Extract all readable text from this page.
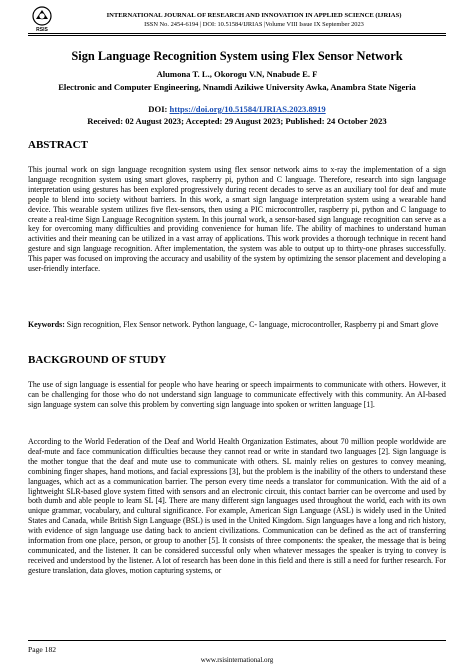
RSIS
INTERNATIONAL JOURNAL OF RESEARCH AND INNOVATION IN APPLIED SCIENCE (IJRIAS)
ISSN No. 2454-6194 | DOI: 10.51584/IJRIAS |Volume VIII Issue IX September 2023
Sign Language Recognition System using Flex Sensor Network
Alumona T. L., Okorogu V.N, Nnabude E. F
Electronic and Computer Engineering, Nnamdi Azikiwe University Awka, Anambra State Nigeria
DOI: https://doi.org/10.51584/IJRIAS.2023.8919
Received: 02 August 2023; Accepted: 29 August 2023; Published: 24 October 2023
ABSTRACT

This journal work on sign language recognition system using flex sensor network aims to x-ray the implementation of a sign language recognition system using smart gloves, raspberry pi, python and C language. Therefore, research into sign language interpretation using gestures has been explored progressively during recent decades to serve as an auxiliary tool for deaf and mute people to blend into society without barriers. In this work, a smart sign language interpretation system using a wearable hand device. This wearable system utilizes five flex-sensors, then using a PIC microcontroller, raspberry pi, python and C language to create a real-time Sign Language Recognition system. In this journal work, a sensor-based sign language recognition can serve as a key for overcoming many difficulties and providing convenience for human life. The ability of machines to understand human activities and their meaning can be utilized in a vast array of applications. This work provides a thorough technique in recent hand gesture and sign language recognition. After implementation, the system was able to output up to thirty-one phrases successfully. This paper was focused on improving the accuracy and usability of the system by optimizing the sensor placement and developing a user-friendly interface.

Keywords: Sign recognition, Flex Sensor network. Python language, C- language, microcontroller, Raspberry pi and Smart glove

BACKGROUND OF STUDY

The use of sign language is essential for people who have hearing or speech impairments to communicate with others. However, it can be challenging for those who do not understand sign language to communicate effectively with this community. An AI-based sign language system can solve this problem by converting sign language into spoken or written language [1].

According to the World Federation of the Deaf and World Health Organization Estimates, about 70 million people worldwide are deaf-mute and face communication difficulties because they cannot read or write in standard two languages [2]. Sign language is the mother tongue that the deaf and mute use to communicate with others. SL mainly relies on gestures to convey meaning, combining finger shapes, hand motions, and facial expressions [3], but the problem is the inability of the others to understand these languages, which act as a communication barrier. The person every time needs a translator for communication. With the aid of a lightweight SLR-based glove system fitted with sensors and an electronic circuit, this contact barrier can be overcome and used by both dumb and able people to learn SL [4]. There are many different sign languages used throughout the world, each with its own unique grammar, vocabulary, and cultural significance. For example, American Sign Language (ASL) is widely used in the United States and Canada, while British Sign Language (BSL) is used in the United Kingdom. Sign languages have a long and rich history, with evidence of sign language use dating back to ancient civilizations. Communication can be defined as the act of transferring information from one place, person, or group to another [5]. It consists of three components: the speaker, the message that is being communicated, and the listener. It can be considered successful only when whatever messages the speaker is trying to convey is received and understood by the listener. A lot of research has been done in this field and there is still a need for further research. For gesture translation, data gloves, motion capturing systems, or

Page 182
www.rsisinternational.org
